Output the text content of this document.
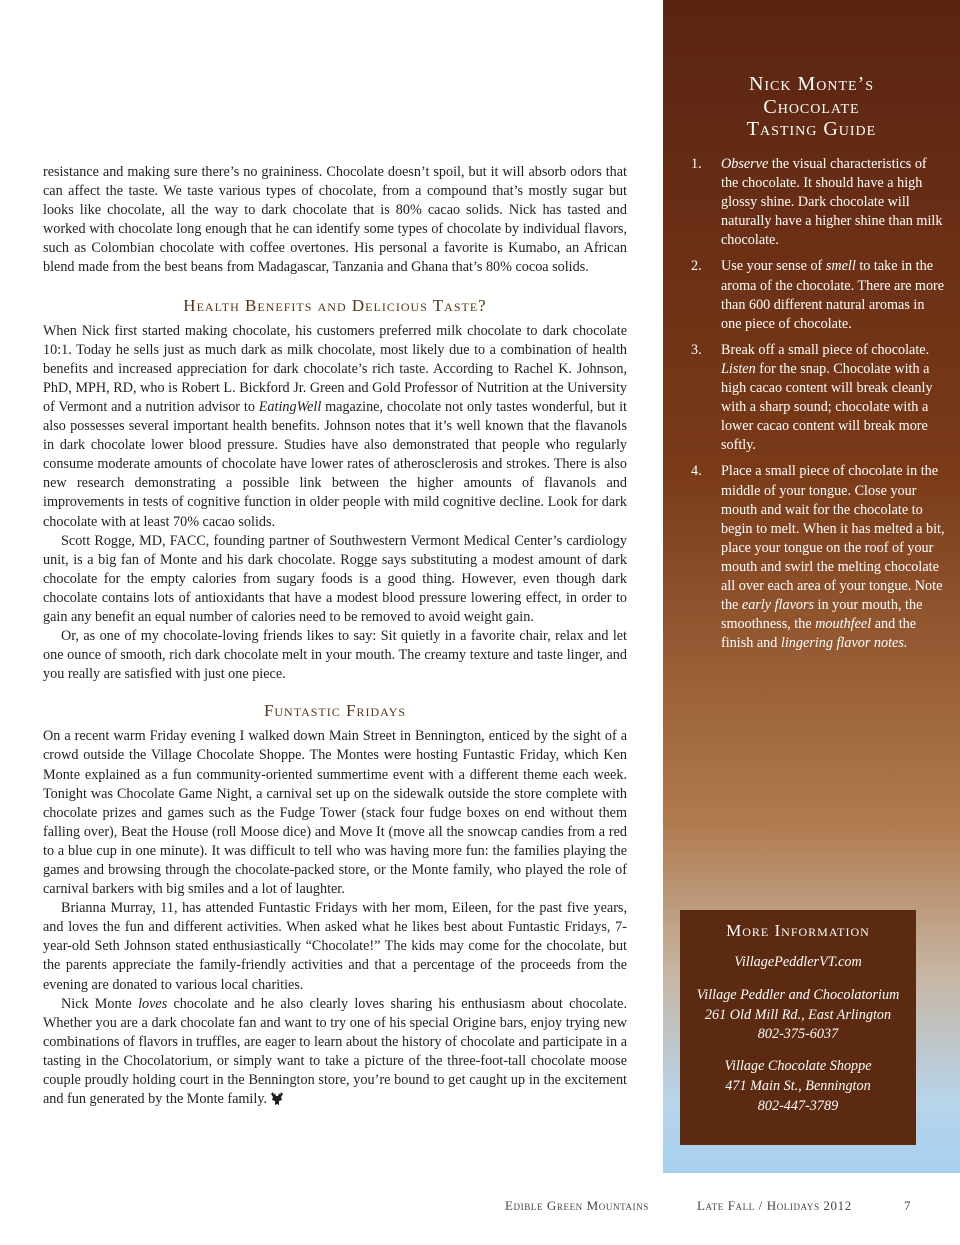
resistance and making sure there’s no graininess. Chocolate doesn’t spoil, but it will absorb odors that can affect the taste. We taste various types of chocolate, from a compound that’s mostly sugar but looks like chocolate, all the way to dark chocolate that is 80% cacao solids. Nick has tasted and worked with chocolate long enough that he can identify some types of chocolate by individual flavors, such as Colombian chocolate with coffee overtones. His personal a favorite is Kumabo, an African blend made from the best beans from Madagascar, Tanzania and Ghana that’s 80% cocoa solids.

Health Benefits and Delicious Taste?

When Nick first started making chocolate, his customers preferred milk chocolate to dark chocolate 10:1. Today he sells just as much dark as milk chocolate, most likely due to a combination of health benefits and increased appreciation for dark chocolate’s rich taste. According to Rachel K. Johnson, PhD, MPH, RD, who is Robert L. Bickford Jr. Green and Gold Professor of Nutrition at the University of Vermont and a nutrition advisor to EatingWell magazine, chocolate not only tastes wonderful, but it also possesses several important health benefits. Johnson notes that it’s well known that the flavanols in dark chocolate lower blood pressure. Studies have also demonstrated that people who regularly consume moderate amounts of chocolate have lower rates of atherosclerosis and strokes. There is also new research demonstrating a possible link between the higher amounts of flavanols and improvements in tests of cognitive function in older people with mild cognitive decline. Look for dark chocolate with at least 70% cacao solids.

Scott Rogge, MD, FACC, founding partner of Southwestern Vermont Medical Center’s cardiology unit, is a big fan of Monte and his dark chocolate. Rogge says substituting a modest amount of dark chocolate for the empty calories from sugary foods is a good thing. However, even though dark chocolate contains lots of antioxidants that have a modest blood pressure lowering effect, in order to gain any benefit an equal number of calories need to be removed to avoid weight gain.

Or, as one of my chocolate-loving friends likes to say: Sit quietly in a favorite chair, relax and let one ounce of smooth, rich dark chocolate melt in your mouth. The creamy texture and taste linger, and you really are satisfied with just one piece.

Funtastic Fridays

On a recent warm Friday evening I walked down Main Street in Bennington, enticed by the sight of a crowd outside the Village Chocolate Shoppe. The Montes were hosting Funtastic Friday, which Ken Monte explained as a fun community-oriented summertime event with a different theme each week. Tonight was Chocolate Game Night, a carnival set up on the sidewalk outside the store complete with chocolate prizes and games such as the Fudge Tower (stack four fudge boxes on end without them falling over), Beat the House (roll Moose dice) and Move It (move all the snowcap candies from a red to a blue cup in one minute). It was difficult to tell who was having more fun: the families playing the games and browsing through the chocolate-packed store, or the Monte family, who played the role of carnival barkers with big smiles and a lot of laughter.

Brianna Murray, 11, has attended Funtastic Fridays with her mom, Eileen, for the past five years, and loves the fun and different activities. When asked what he likes best about Funtastic Fridays, 7-year-old Seth Johnson stated enthusiastically “Chocolate!” The kids may come for the chocolate, but the parents appreciate the family-friendly activities and that a percentage of the proceeds from the evening are donated to various local charities.

Nick Monte loves chocolate and he also clearly loves sharing his enthusiasm about chocolate. Whether you are a dark chocolate fan and want to try one of his special Origine bars, enjoy trying new combinations of flavors in truffles, are eager to learn about the history of chocolate and participate in a tasting in the Chocolatorium, or simply want to take a picture of the three-foot-tall chocolate moose couple proudly holding court in the Bennington store, you’re bound to get caught up in the excitement and fun generated by the Monte family.

Nick Monte’s
Chocolate
Tasting Guide
1. Observe the visual characteristics of the chocolate. It should have a high glossy shine. Dark chocolate will naturally have a higher shine than milk chocolate.
2. Use your sense of smell to take in the aroma of the chocolate. There are more than 600 different natural aromas in one piece of chocolate.
3. Break off a small piece of chocolate. Listen for the snap. Chocolate with a high cacao content will break cleanly with a sharp sound; chocolate with a lower cacao content will break more softly.
4. Place a small piece of chocolate in the middle of your tongue. Close your mouth and wait for the chocolate to begin to melt. When it has melted a bit, place your tongue on the roof of your mouth and swirl the melting chocolate all over each area of your tongue. Note the early flavors in your mouth, the smoothness, the mouthfeel and the finish and lingering flavor notes.
More Information
VillagePeddlerVT.com
Village Peddler and Chocolatorium
261 Old Mill Rd., East Arlington
802-375-6037
Village Chocolate Shoppe
471 Main St., Bennington
802-447-3789
Edible Green Mountains	Late Fall / Holidays 2012	7
